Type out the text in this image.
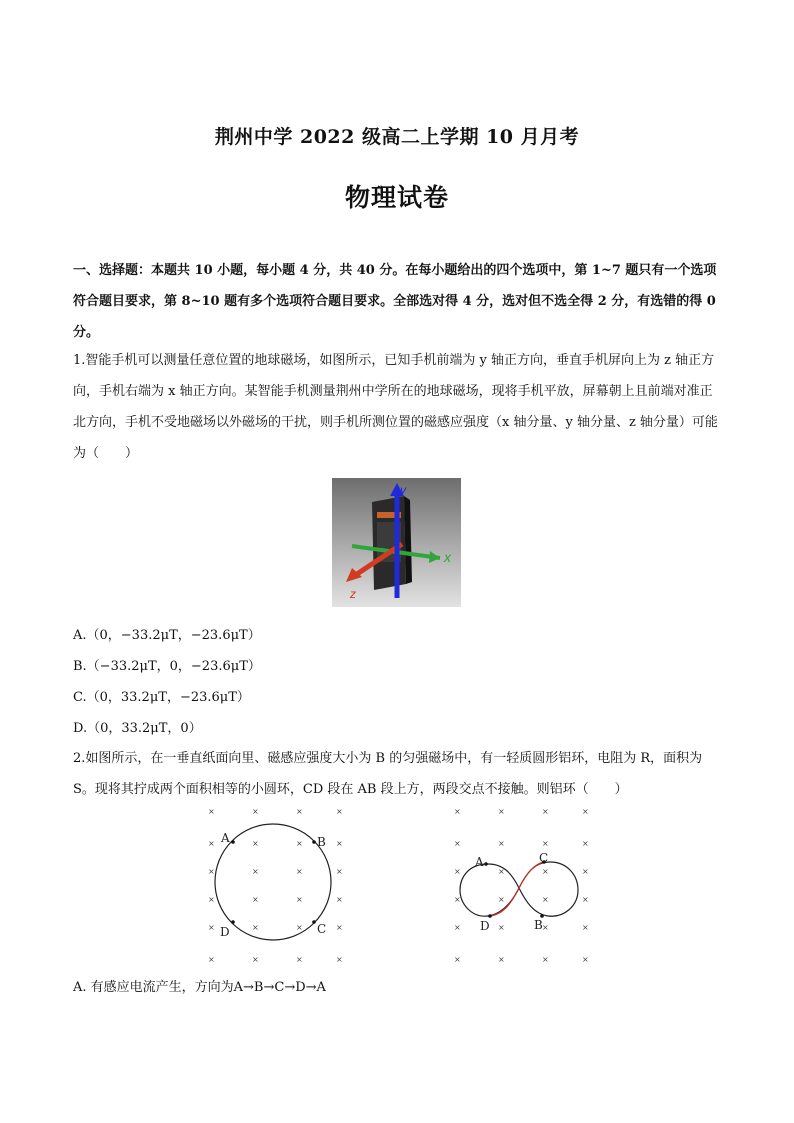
荆州中学 2022 级高二上学期 10 月月考
物理试卷

一、选择题：本题共 10 小题，每小题 4 分，共 40 分。在每小题给出的四个选项中，第 1~7 题只有一个选项符合题目要求，第 8~10 题有多个选项符合题目要求。全部选对得 4 分，选对但不选全得 2 分，有选错的得 0 分。

1.智能手机可以测量任意位置的地球磁场，如图所示，已知手机前端为 y 轴正方向，垂直手机屏向上为 z 轴正方向，手机右端为 x 轴正方向。某智能手机测量荆州中学所在的地球磁场，现将手机平放，屏幕朝上且前端对准正北方向，手机不受地磁场以外磁场的干扰，则手机所测位置的磁感应强度（x 轴分量、y 轴分量、z 轴分量）可能为（　　）

y
x
z

A.（0，−33.2μT，−23.6μT）

B.（−33.2μT，0，−23.6μT）

C.（0，33.2μT，−23.6μT）

D.（0，33.2μT，0）

2.如图所示，在一垂直纸面向里、磁感应强度大小为 B 的匀强磁场中，有一轻质圆形铝环，电阻为 R，面积为 S。现将其拧成两个面积相等的小圆环，CD 段在 AB 段上方，两段交点不接触。则铝环（　　）

×	×	×	×
×	×	×	×
×	×	×	×
×	×	×	×
×	×	×	×
×	×	×	×
A	B
C
D
×	×	×	×
×	×	×	×
×	×	×	×
×	×	×	×
×	×	×	×
×	×	×	×
A	C
D	B

A. 有感应电流产生，方向为A→B→C→D→A
